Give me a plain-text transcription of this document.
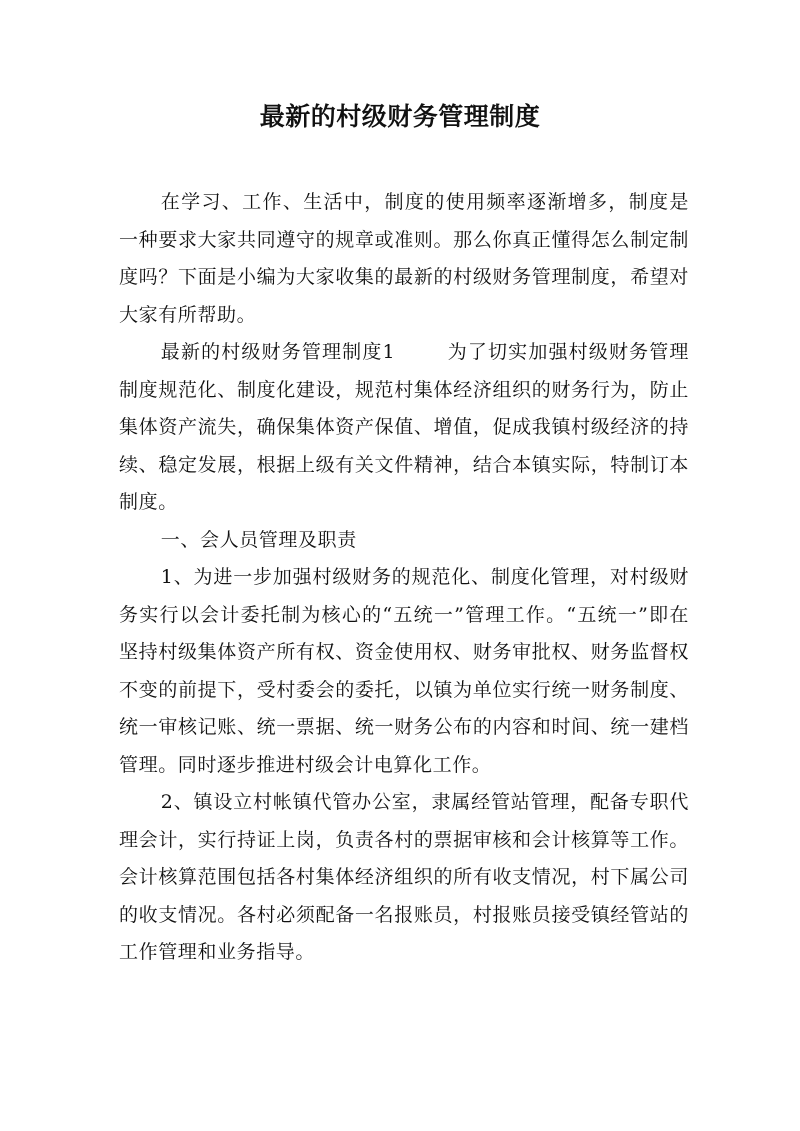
最新的村级财务管理制度

在学习、工作、生活中，制度的使用频率逐渐增多，制度是一种要求大家共同遵守的规章或准则。那么你真正懂得怎么制定制度吗？下面是小编为大家收集的最新的村级财务管理制度，希望对大家有所帮助。

最新的村级财务管理制度1	为了切实加强村级财务管理制度规范化、制度化建设，规范村集体经济组织的财务行为，防止集体资产流失，确保集体资产保值、增值，促成我镇村级经济的持续、稳定发展，根据上级有关文件精神，结合本镇实际，特制订本制度。

一、会人员管理及职责

1、为进一步加强村级财务的规范化、制度化管理，对村级财务实行以会计委托制为核心的“五统一”管理工作。“五统一”即在坚持村级集体资产所有权、资金使用权、财务审批权、财务监督权不变的前提下，受村委会的委托，以镇为单位实行统一财务制度、统一审核记账、统一票据、统一财务公布的内容和时间、统一建档管理。同时逐步推进村级会计电算化工作。

2、镇设立村帐镇代管办公室，隶属经管站管理，配备专职代理会计，实行持证上岗，负责各村的票据审核和会计核算等工作。会计核算范围包括各村集体经济组织的所有收支情况，村下属公司的收支情况。各村必须配备一名报账员，村报账员接受镇经管站的工作管理和业务指导。
